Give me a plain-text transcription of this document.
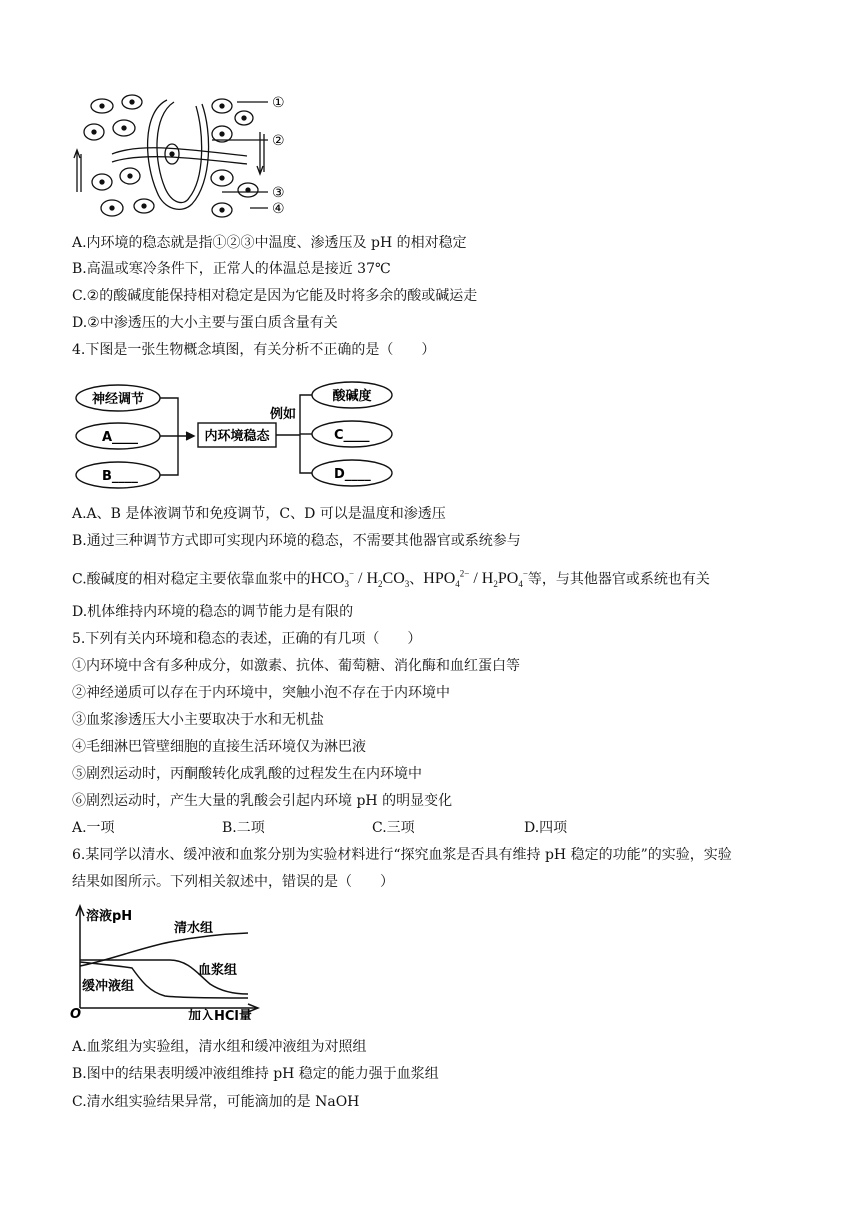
①
②
③
④
A.内环境的稳态就是指①②③中温度、渗透压及 pH 的相对稳定
B.高温或寒冷条件下，正常人的体温总是接近 37℃
C.②的酸碱度能保持相对稳定是因为它能及时将多余的酸或碱运走
D.②中渗透压的大小主要与蛋白质含量有关
4.下图是一张生物概念填图，有关分析不正确的是（　　）
神经调节
A____
B____
内环境稳态
例如
酸碱度
C____
D____
A.A、B 是体液调节和免疫调节，C、D 可以是温度和渗透压
B.通过三种调节方式即可实现内环境的稳态，不需要其他器官或系统参与
C.酸碱度的相对稳定主要依靠血浆中的$HCO_3^- / H_2CO_3$、$HPO_4^{2-} / H_2PO_4^-$等，与其他器官或系统也有关
D.机体维持内环境的稳态的调节能力是有限的
5.下列有关内环境和稳态的表述，正确的有几项（　　）
①内环境中含有多种成分，如激素、抗体、葡萄糖、消化酶和血红蛋白等
②神经递质可以存在于内环境中，突触小泡不存在于内环境中
③血浆渗透压大小主要取决于水和无机盐
④毛细淋巴管壁细胞的直接生活环境仅为淋巴液
⑤剧烈运动时，丙酮酸转化成乳酸的过程发生在内环境中
⑥剧烈运动时，产生大量的乳酸会引起内环境 pH 的明显变化
A.一项	B.二项	C.三项	D.四项
6.某同学以清水、缓冲液和血浆分别为实验材料进行“探究血浆是否具有维持 pH 稳定的功能”的实验，实验
结果如图所示。下列相关叙述中，错误的是（　　）
溶液pH
清水组
血浆组
缓冲液组
O	加入HCl量
A.血浆组为实验组，清水组和缓冲液组为对照组
B.图中的结果表明缓冲液组维持 pH 稳定的能力强于血浆组
C.清水组实验结果异常，可能滴加的是 NaOH
